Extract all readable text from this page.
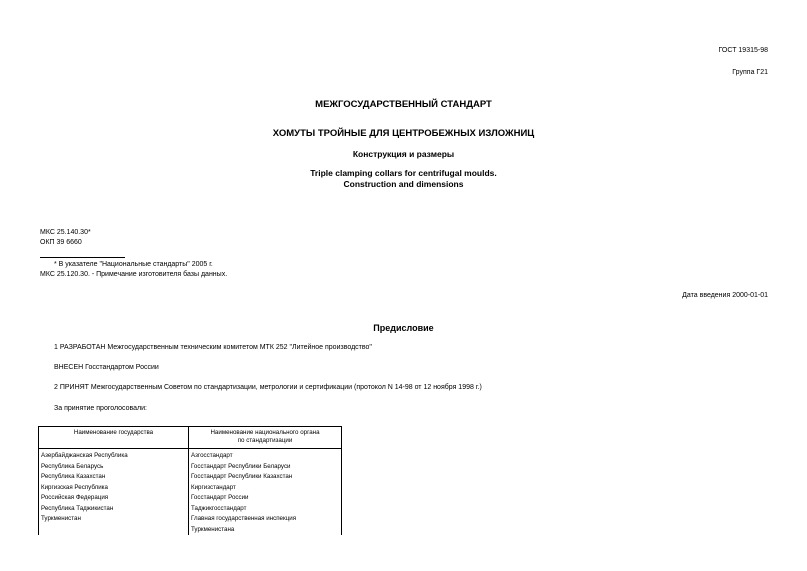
ГОСТ 19315-98
Группа Г21
МЕЖГОСУДАРСТВЕННЫЙ СТАНДАРТ
ХОМУТЫ ТРОЙНЫЕ ДЛЯ ЦЕНТРОБЕЖНЫХ ИЗЛОЖНИЦ
Конструкция и размеры
Triple clamping collars for centrifugal moulds.
Construction and dimensions
МКС 25.140.30*
ОКП 39 6660
* В указателе "Национальные стандарты" 2005 г.
МКС 25.120.30. - Примечание изготовителя базы данных.
Дата введения 2000-01-01
Предисловие
1 РАЗРАБОТАН Межгосударственным техническим комитетом МТК 252 "Литейное производство"
ВНЕСЕН Госстандартом России
2 ПРИНЯТ Межгосударственным Советом по стандартизации, метрологии и сертификации (протокол N 14-98 от 12 ноября 1998 г.)
За принятие проголосовали:
Наименование государства	Наименование национального органа
по стандартизации

Азербайджанская Республика	Азгосстандарт
Республика Беларусь	Госстандарт Республики Беларуси
Республика Казахстан	Госстандарт Республики Казахстан
Киргизская Республика	Киргизстандарт
Российская Федерация	Госстандарт России
Республика Таджикистан	Таджикгосстандарт
Туркменистан	Главная государственная инспекция
Туркменистана
